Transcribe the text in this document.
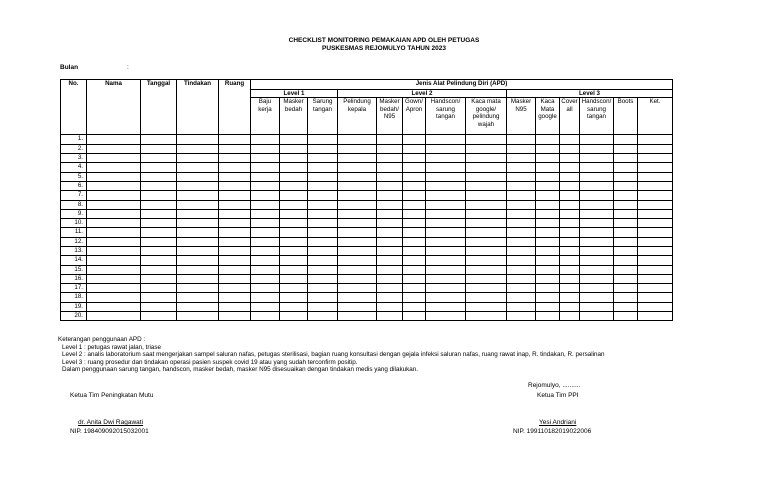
CHECKLIST MONITORING PEMAKAIAN APD OLEH PETUGAS
PUSKESMAS REJOMULYO TAHUN 2023
Bulan	:
No.	Nama	Tanggal	Tindakan	Ruang	Jenis Alat Pelindung Diri (APD)													
					Level 1			Level 2					Level 3					
					Baju kerja	Masker bedah	Sarung tangan	Pelindung kepala	Masker bedah/ N95	Gown/ Apron	Handscon/ sarung tangan	Kaca mata google/ pelindung wajah	Masker N95	Kaca Mata google	Cover all	Handscon/ sarung tangan	Boots	Ket.
1.																		
2.																		
3.																		
4.																		
5.																		
6.																		
7.																		
8.																		
9.																		
10.																		
11.																		
12.																		
13.																		
14.																		
15.																		
16.																		
17.																		
18.																		
19.																		
20.																		
Keterangan penggunaan APD :
Level 1 : petugas rawat jalan, triase
Level 2 : analis laboratorium saat mengerjakan sampel saluran nafas, petugas sterilisasi, bagian ruang konsultasi dengan gejala infeksi saluran nafas, ruang rawat inap, R. tindakan, R. persalinan
Level 3 : ruang prosedur dan tindakan operasi pasien suspek covid 19 atau yang sudah terconfirm positip.
Dalam penggunaan sarung tangan, handscon, masker bedah, masker N95 disesuaikan dengan tindakan medis yang dilakukan.
Rejomulyo, ..........
Ketua Tim Peningkatan Mutu	Ketua Tim PPI
dr. Anita Dwi Ragawati
NIP. 198409092015032001
Yesi Andriani
NIP. 199110182019022006
